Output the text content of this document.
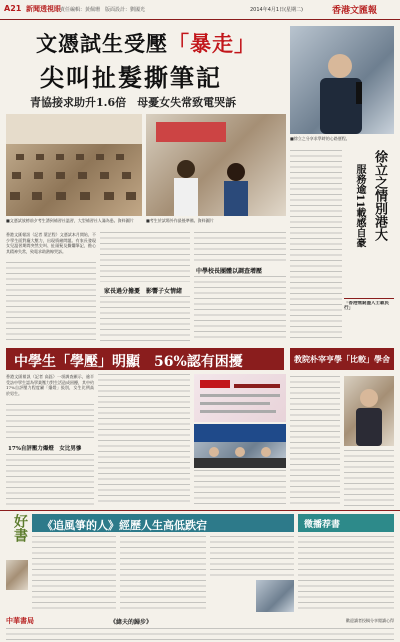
A21 新聞透視眼 責任編輯：黃佩珊　版面設計：劉國光	2014年4月1日(星期二)	香港文匯報
文憑試生受壓「暴走」
尖叫扯髮撕筆記
青協接求助升1.6倍　母憂女失常致電哭訴
■徐立之分享求學時的心路歷程。
■文憑試放榜前夕考生湧到補習社溫習，大型補習社人滿為患。資料圖片	■考生於試場外作最後準備。資料圖片
香港文匯報訊（記者 葉芷程）文憑試本月開始，不少學生面對龐大壓力，出現情緒問題。有家長發現女兒溫習期間突然尖叫、扯頭髮及撕爛筆記，擔心其精神失常，致電求助熱線哭訴。
家長過分擔憂　影響子女情緒
中學校長團體以調查增壓
徐立之情別港大
服務逾11載感自豪
「香港無窮盡人士載民行」
中學生「學壓」明顯　56%認有困擾	教院朴宰亨學「比較」學舍
香港文匯報訊（記者 高鈺）一項調查顯示，逾半受訪中學生認為學業壓力對生活造成困擾，其中約17%自評壓力程度屬「爆燈」級別，女生比例高於男生。
17%自評壓力爆燈　女比男慘
好書	《追風箏的人》經歷人生高低跌宕	微播荐書
中華書局	《緯夫的歸步》	歡迎讀者投稿分享閱讀心得
